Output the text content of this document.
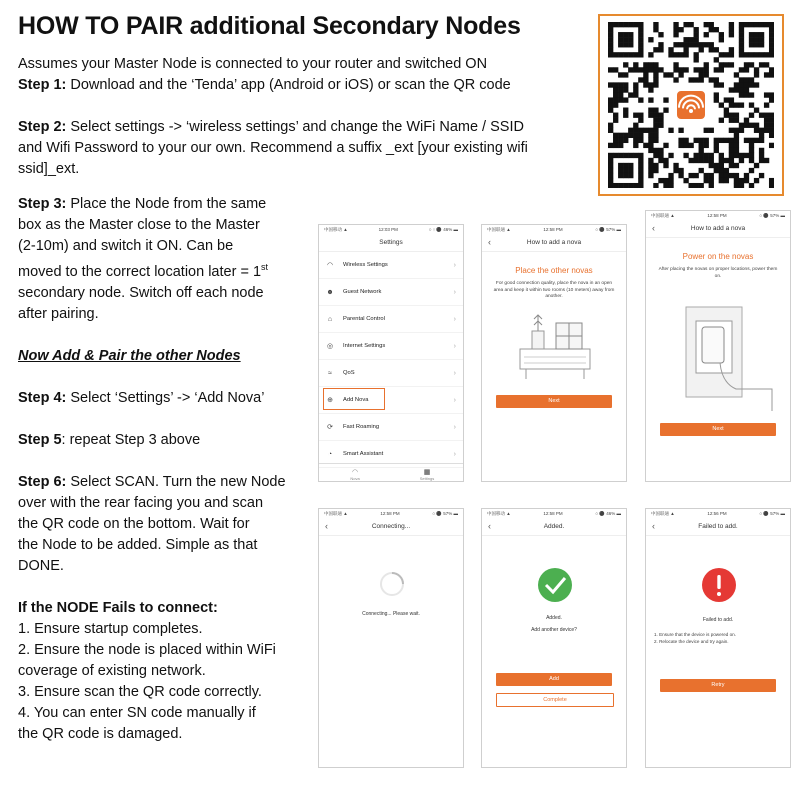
HOW TO PAIR additional Secondary Nodes
Assumes your Master Node is connected to your router and switched ON
Step 1: Download and the ‘Tenda’ app (Android or iOS) or scan the QR code
Step 2: Select settings -> ‘wireless settings’ and change the WiFi Name / SSID
and Wifi Password to your our own. Recommend a suffix _ext [your existing wifi
ssid]_ext.
Step 3: Place the Node from the same
box as the Master close to the Master
(2-10m) and switch it ON. Can be
moved to the correct location later = 1st
secondary node. Switch off each node
after pairing.
Now Add & Pair the other Nodes
Step 4: Select ‘Settings’ -> ‘Add Nova’
Step 5: repeat Step 3 above
Step 6: Select SCAN. Turn the new Node
over with the rear facing you and scan
the QR code on the bottom. Wait for
the Node to be added. Simple as that
DONE.
If the NODE Fails to connect:
1. Ensure startup completes.
2. Ensure the node is placed within WiFi
coverage of existing network.
3. Ensure scan the QR code correctly.
4. You can enter SN code manually if
the QR code is damaged.
中国移动 ▲	12:03 PM	○ ↑ ⚫ 46% ▬
Settings
◠	Wireless Settings	›
☻ Guest Network	›
⌂	Parental Control	›
◎	Internet Settings	›
≈	QoS	›
⊕	Add Nova	›
⟳	Fast Roaming	›
◔	Smart Assistant	›
◠
Nova
▦
Settings
中国联通 ▲	12:58 PM	○ ⚫ 57% ▬
‹	How to add a nova
Place the other novas
For good connection quality, place the nova in an open area and keep it within two rooms (10 meters) away from another.
Next
中国联通 ▲	12:58 PM	○ ⚫ 57% ▬
‹	How to add a nova
Power on the novas
After placing the novas on proper locations, power them on.
Next
中国联通 ▲	12:58 PM	○ ⚫ 57% ▬
‹	Connecting...
Connecting... Please wait.
中国移动 ▲	12:58 PM	○ ⚫ 46% ▬
‹	Added.
Added.
Add another device?
Add
Complete
中国联通 ▲	12:56 PM	○ ⚫ 57% ▬
‹	Failed to add.
Failed to add.
1. Ensure that the device is powered on.
2. Relocate the device and try again.
Retry
